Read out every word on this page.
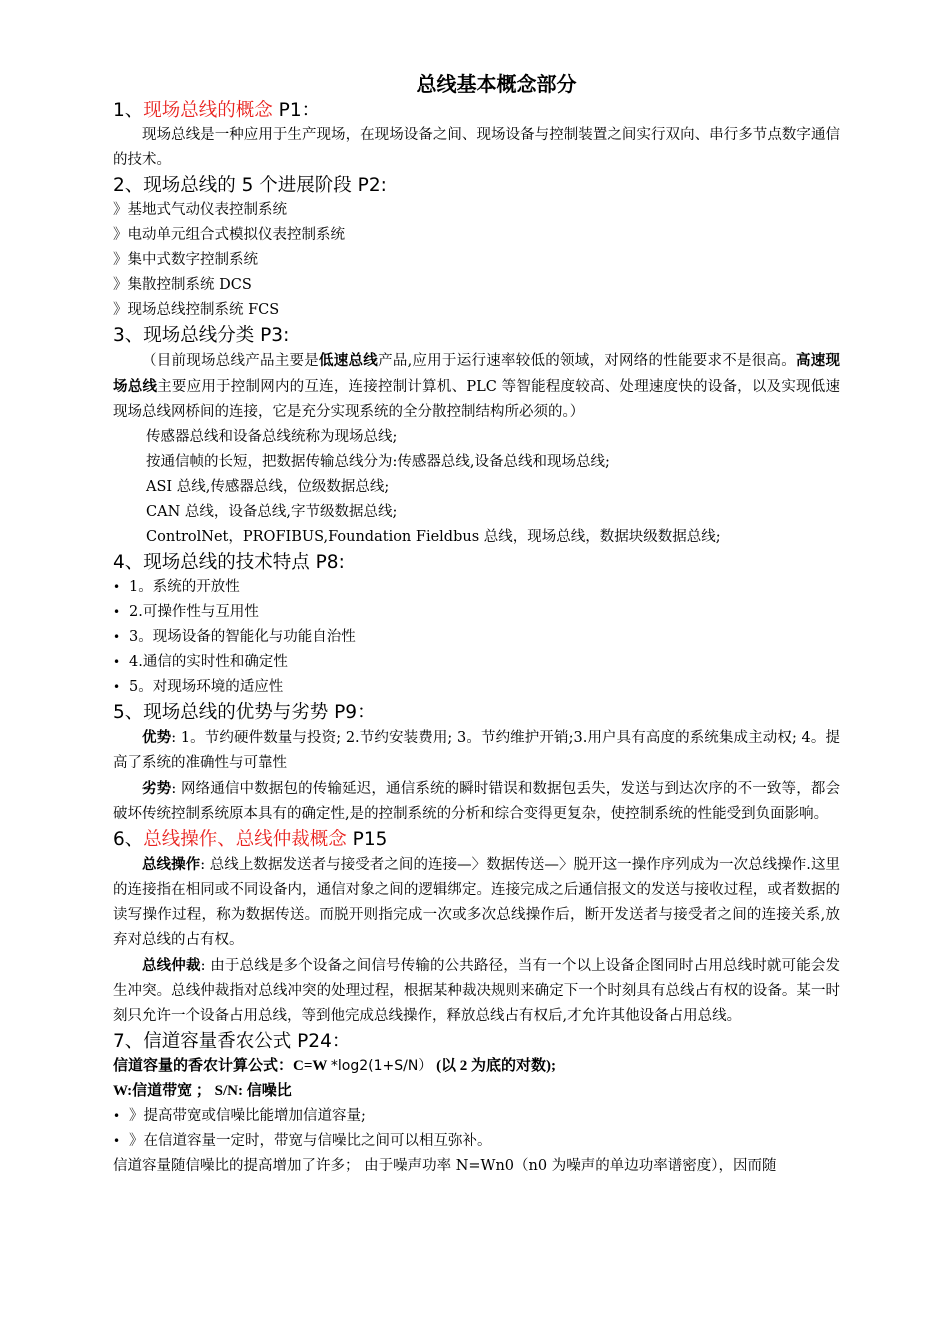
总线基本概念部分
1、现场总线的概念 P1：
现场总线是一种应用于生产现场，在现场设备之间、现场设备与控制装置之间实行双向、串行多节点数字通信的技术。
2、现场总线的 5 个进展阶段 P2:
》基地式气动仪表控制系统
》电动单元组合式模拟仪表控制系统
》集中式数字控制系统
》集散控制系统 DCS
》现场总线控制系统 FCS
3、现场总线分类 P3:
（目前现场总线产品主要是低速总线产品,应用于运行速率较低的领域，对网络的性能要求不是很高。高速现场总线主要应用于控制网内的互连，连接控制计算机、PLC 等智能程度较高、处理速度快的设备，以及实现低速现场总线网桥间的连接，它是充分实现系统的全分散控制结构所必须的。）
传感器总线和设备总线统称为现场总线;
按通信帧的长短，把数据传输总线分为:传感器总线,设备总线和现场总线;
ASI 总线,传感器总线，位级数据总线;
CAN 总线，设备总线,字节级数据总线;
ControlNet，PROFIBUS,Foundation Fieldbus 总线，现场总线，数据块级数据总线;
4、现场总线的技术特点 P8:
• 1。系统的开放性
• 2.可操作性与互用性
• 3。现场设备的智能化与功能自治性
• 4.通信的实时性和确定性
• 5。对现场环境的适应性
5、现场总线的优势与劣势 P9：
优势: 1。节约硬件数量与投资; 2.节约安装费用; 3。节约维护开销;3.用户具有高度的系统集成主动权; 4。提高了系统的准确性与可靠性
劣势: 网络通信中数据包的传输延迟，通信系统的瞬时错误和数据包丢失，发送与到达次序的不一致等，都会破坏传统控制系统原本具有的确定性,是的控制系统的分析和综合变得更复杂，使控制系统的性能受到负面影响。
6、总线操作、总线仲裁概念 P15
总线操作: 总线上数据发送者与接受者之间的连接—〉数据传送—〉脱开这一操作序列成为一次总线操作.这里的连接指在相同或不同设备内，通信对象之间的逻辑绑定。连接完成之后通信报文的发送与接收过程，或者数据的读写操作过程，称为数据传送。而脱开则指完成一次或多次总线操作后，断开发送者与接受者之间的连接关系,放弃对总线的占有权。
总线仲裁: 由于总线是多个设备之间信号传输的公共路径，当有一个以上设备企图同时占用总线时就可能会发生冲突。总线仲裁指对总线冲突的处理过程，根据某种裁决规则来确定下一个时刻具有总线占有权的设备。某一时刻只允许一个设备占用总线，等到他完成总线操作，释放总线占有权后,才允许其他设备占用总线。
7、信道容量香农公式 P24：
信道容量的香农计算公式：C=W *log2(1+S/N） (以 2 为底的对数);
W:信道带宽 ； S/N: 信噪比
• 》提高带宽或信噪比能增加信道容量;
• 》在信道容量一定时，带宽与信噪比之间可以相互弥补。
信道容量随信噪比的提高增加了许多； 由于噪声功率 N=Wn0（n0 为噪声的单边功率谱密度），因而随
